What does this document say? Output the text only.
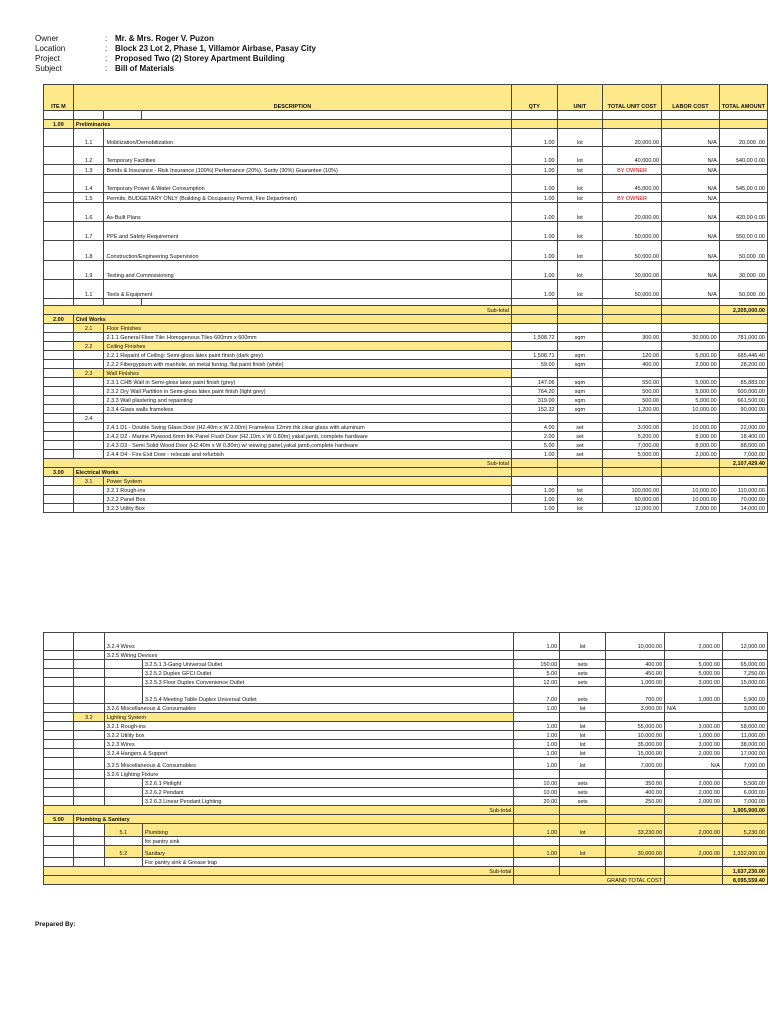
Owner	: Mr. & Mrs. Roger V. Puzon
Location	: Block 23 Lot 2, Phase 1, Villamor Airbase, Pasay City
Project	: Proposed Two (2) Storey Apartment Building
Subject	: Bill of Materials
ITE M	DESCRIPTION			QTY	UNIT	TOTAL UNIT COST	LABOR COST	TOTAL AMOUNT

1.00	Preliminaries							
	1.1	Mobilization/Demobilization		1.00	lot	20,000.00	N/A	20,000 .00
	1.2	Temporary Facilities		1.00	lot	40,000.00	N/A	540,00 0.00
	1.3	Bonds & Insurance - Risk Insurance (100%) Perfomance (20%), Surity (30%) Guarantee (10%)		1.00	lot	BY OWNER	N/A	
	1.4	Temporary Power & Water Consumption		1.00	lot	45,000.00	N/A	545,00 0.00
	1.5	Permits, BUDGETARY ONLY (Building & Occupancy Permit, Fire Department)		1.00	lot	BY OWNER	N/A	
	1.6	As-Built Plans		1.00	lot	20,000.00	N/A	420,00 0.00
	1.7	PPE and Safety Requirement		1.00	lot	50,000.00	N/A	550,00 0.00
	1.8	Construction/Engineering Supervision		1.00	lot	50,000.00	N/A	50,000 .00
	1.9	Testing and Commissioning		1.00	lot	30,000.00	N/A	30,000 .00
	1.1	Tools & Equipment		1.00	lot	50,000.00	N/A	50,000 .00

Sub-total								2,205,000.00
2.00	Civil Works							
	2.1	Floor Finishes						
		2.1.1 General Floor Tile: Homogenous Tiles 600mm x 600mm		1,508.72	sqm	300.00	30,000.00	781,000.00
	2.2	Ceiling Finishes						
		2.2.1 Repaint of Ceiling: Semi-gloss latex paint finish (dark grey)		1,508.71	sqm	120.00	5,000.00	685,446.40
		2.2.2 Fibergypsum with manhole, on metal furring, flat paint finish (white)		59.00	sqm	400.00	2,000.00	28,200.00
	2.3	Wall Finishes						
		2.3.1 CHB Wall in Semi-gloss latex paint finish (grey)		147.06	sqm	550.00	5,000.00	85,883.00
		2.3.2 Dry Wall Partition in Semi-gloss latex paint finish (light grey)		764.20	sqm	500.00	5,000.00	600,000.00
		2.3.3 Wall plastering and repainting		319.00	sqm	500.00	5,000.00	661,500.00
		2.3.4 Glass walls frameless		152.32	sqm	1,200.00	10,000.00	90,000.00
	2.4							
		2.4.1 D1 - Double Swing Glass Door (H2.40m x W 2.00m) Frameless 12mm thk clear glass with aluminum		4.00	set	3,000.00	10,000.00	22,000.00
		2.4.2 D2 - Marine Plywood 6mm thk Panel Flush Door (H2.10m x W 0.80m) yakal jamb, complete hardware		2.00	set	5,200.00	8,000.00	18,400.00
		2.4.3 D3 - Semi Solid Wood Door (H2.40m x W 0.80m) w/ viewing panel,yakal jamb,complete hardware		5.00	set	7,000.00	8,000.00	88,000.00
		2.4.4 D4 - Fire Exit Door - relocate and refurbish		1.00	set	5,000.00	2,000.00	7,000.00
Sub-total								2,107,429.40
3.00	Electrical Works							
	3.1	Power System						
		3.2.1 Rough-ins		1.00	lot	100,000.00	10,000.00	110,000.00
		3.2.2 Panel Box		1.00	lot	60,000.00	10,000.00	70,000.00
		3.2.3 Utility Box		1.00	lot	12,000.00	2,000.00	14,000.00
		3.2.4 Wires		1.00	lot	10,000.00	2,000.00	12,000.00
		3.2.5 Wiring Devices						
			3.2.5.1 3-Gang Universal Outlet	150.00	sets	400.00	5,000.00	65,000.00
			3.2.5.2 Duplex GFCI Outlet	5.00	sets	450.00	5,000.00	7,250.00
			3.2.5.3 Floor Duplex Convenience Outlet	12.00	sets	1,000.00	3,000.00	15,000.00
			3.2.5.4 Meeting Table Duplex Universal Outlet	7.00	sets	700.00	1,000.00	5,900.00
		3.2.6 Miscellaneous & Consumables		1.00	lot	3,000.00	N/A	3,000.00
	3.2	Lighting System						
		3.2.1 Rough-ins		1.00	lot	55,000.00	3,000.00	58,000.00
		3.2.2 Utility box		1.00	lot	10,000.00	1,000.00	11,000.00
		3.2.3 Wires		1.00	lot	35,000.00	3,000.00	38,000.00
		3.2.4 Hangers & Support		1.00	lot	15,000.00	2,000.00	17,000.00
		3.2.5 Miscellaneous & Consumables		1.00	lot	7,000.00	N/A	7,000.00
		3.2.6 Lighting Fixture						
			3.2.6.1 Pinlight	10.00	sets	350.00	2,000.00	5,500.00
			3.2.6.2 Pendant	10.00	sets	400.00	2,000.00	6,000.00
			3.2.6.3 Linear Pendant Lighting	20.00	sets	250.00	2,000.00	7,000.00
Sub-total								1,905,900.00
5.00	Plumbing & Sanitary							
		5.1	Plumbing	1.00	lot	33,230.00	2,000.00	5,230.00
			for pantry sink					
		5.2	Sanitary	1.00	lot	30,000.00	2,000.00	1,332,000.00
			For pantry sink & Grease trap					
Sub-total								1,637,230.00
				GRAND TOTAL COST				8,095,559.40
Prepared By:
